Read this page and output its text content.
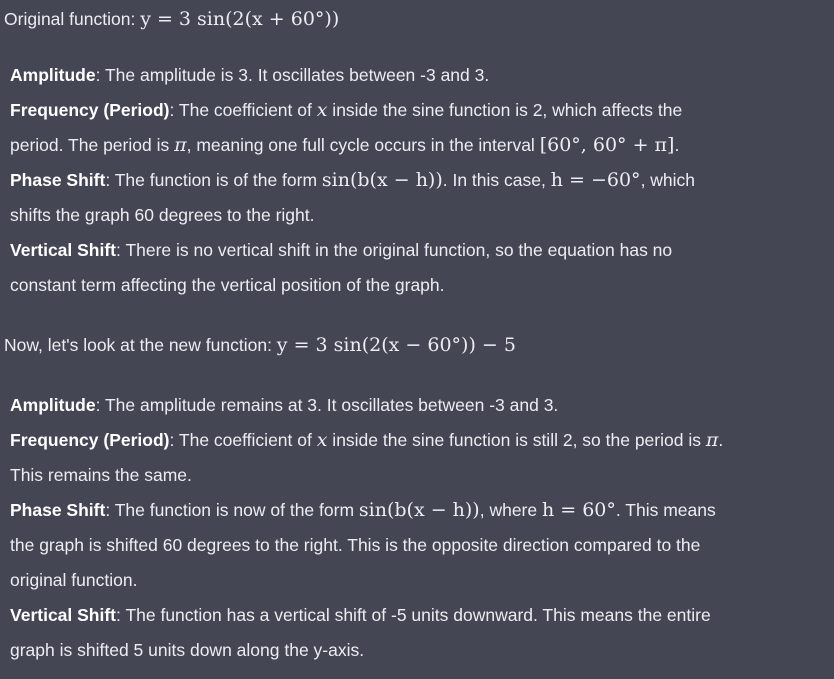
Original function: y = 3 sin(2(x + 60°))
Amplitude: The amplitude is 3. It oscillates between -3 and 3.
Frequency (Period): The coefficient of x inside the sine function is 2, which affects the
period. The period is π, meaning one full cycle occurs in the interval [60°, 60° + π].
Phase Shift: The function is of the form sin(b(x − h)). In this case, h = −60°, which
shifts the graph 60 degrees to the right.
Vertical Shift: There is no vertical shift in the original function, so the equation has no
constant term affecting the vertical position of the graph.
Now, let's look at the new function: y = 3 sin(2(x − 60°)) − 5
Amplitude: The amplitude remains at 3. It oscillates between -3 and 3.
Frequency (Period): The coefficient of x inside the sine function is still 2, so the period is π.
This remains the same.
Phase Shift: The function is now of the form sin(b(x − h)), where h = 60°. This means
the graph is shifted 60 degrees to the right. This is the opposite direction compared to the
original function.
Vertical Shift: The function has a vertical shift of -5 units downward. This means the entire
graph is shifted 5 units down along the y-axis.
